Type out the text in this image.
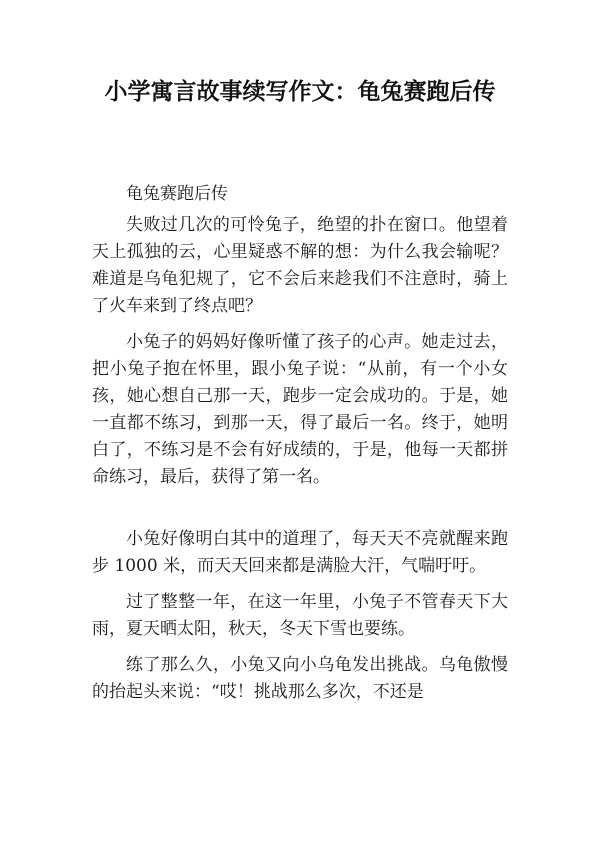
小学寓言故事续写作文：龟兔赛跑后传

龟兔赛跑后传

失败过几次的可怜兔子，绝望的扑在窗口。他望着天上孤独的云，心里疑惑不解的想：为什么我会输呢？难道是乌龟犯规了，它不会后来趁我们不注意时，骑上了火车来到了终点吧？

小兔子的妈妈好像听懂了孩子的心声。她走过去，把小兔子抱在怀里，跟小兔子说：“从前，有一个小女孩，她心想自己那一天，跑步一定会成功的。于是，她一直都不练习，到那一天，得了最后一名。终于，她明白了，不练习是不会有好成绩的，于是，他每一天都拼命练习，最后，获得了第一名。

小兔好像明白其中的道理了，每天天不亮就醒来跑步 1000 米，而天天回来都是满脸大汗，气喘吁吁。

过了整整一年，在这一年里，小兔子不管春天下大雨，夏天晒太阳，秋天，冬天下雪也要练。

练了那么久，小兔又向小乌龟发出挑战。乌龟傲慢的抬起头来说：“哎！挑战那么多次，不还是
